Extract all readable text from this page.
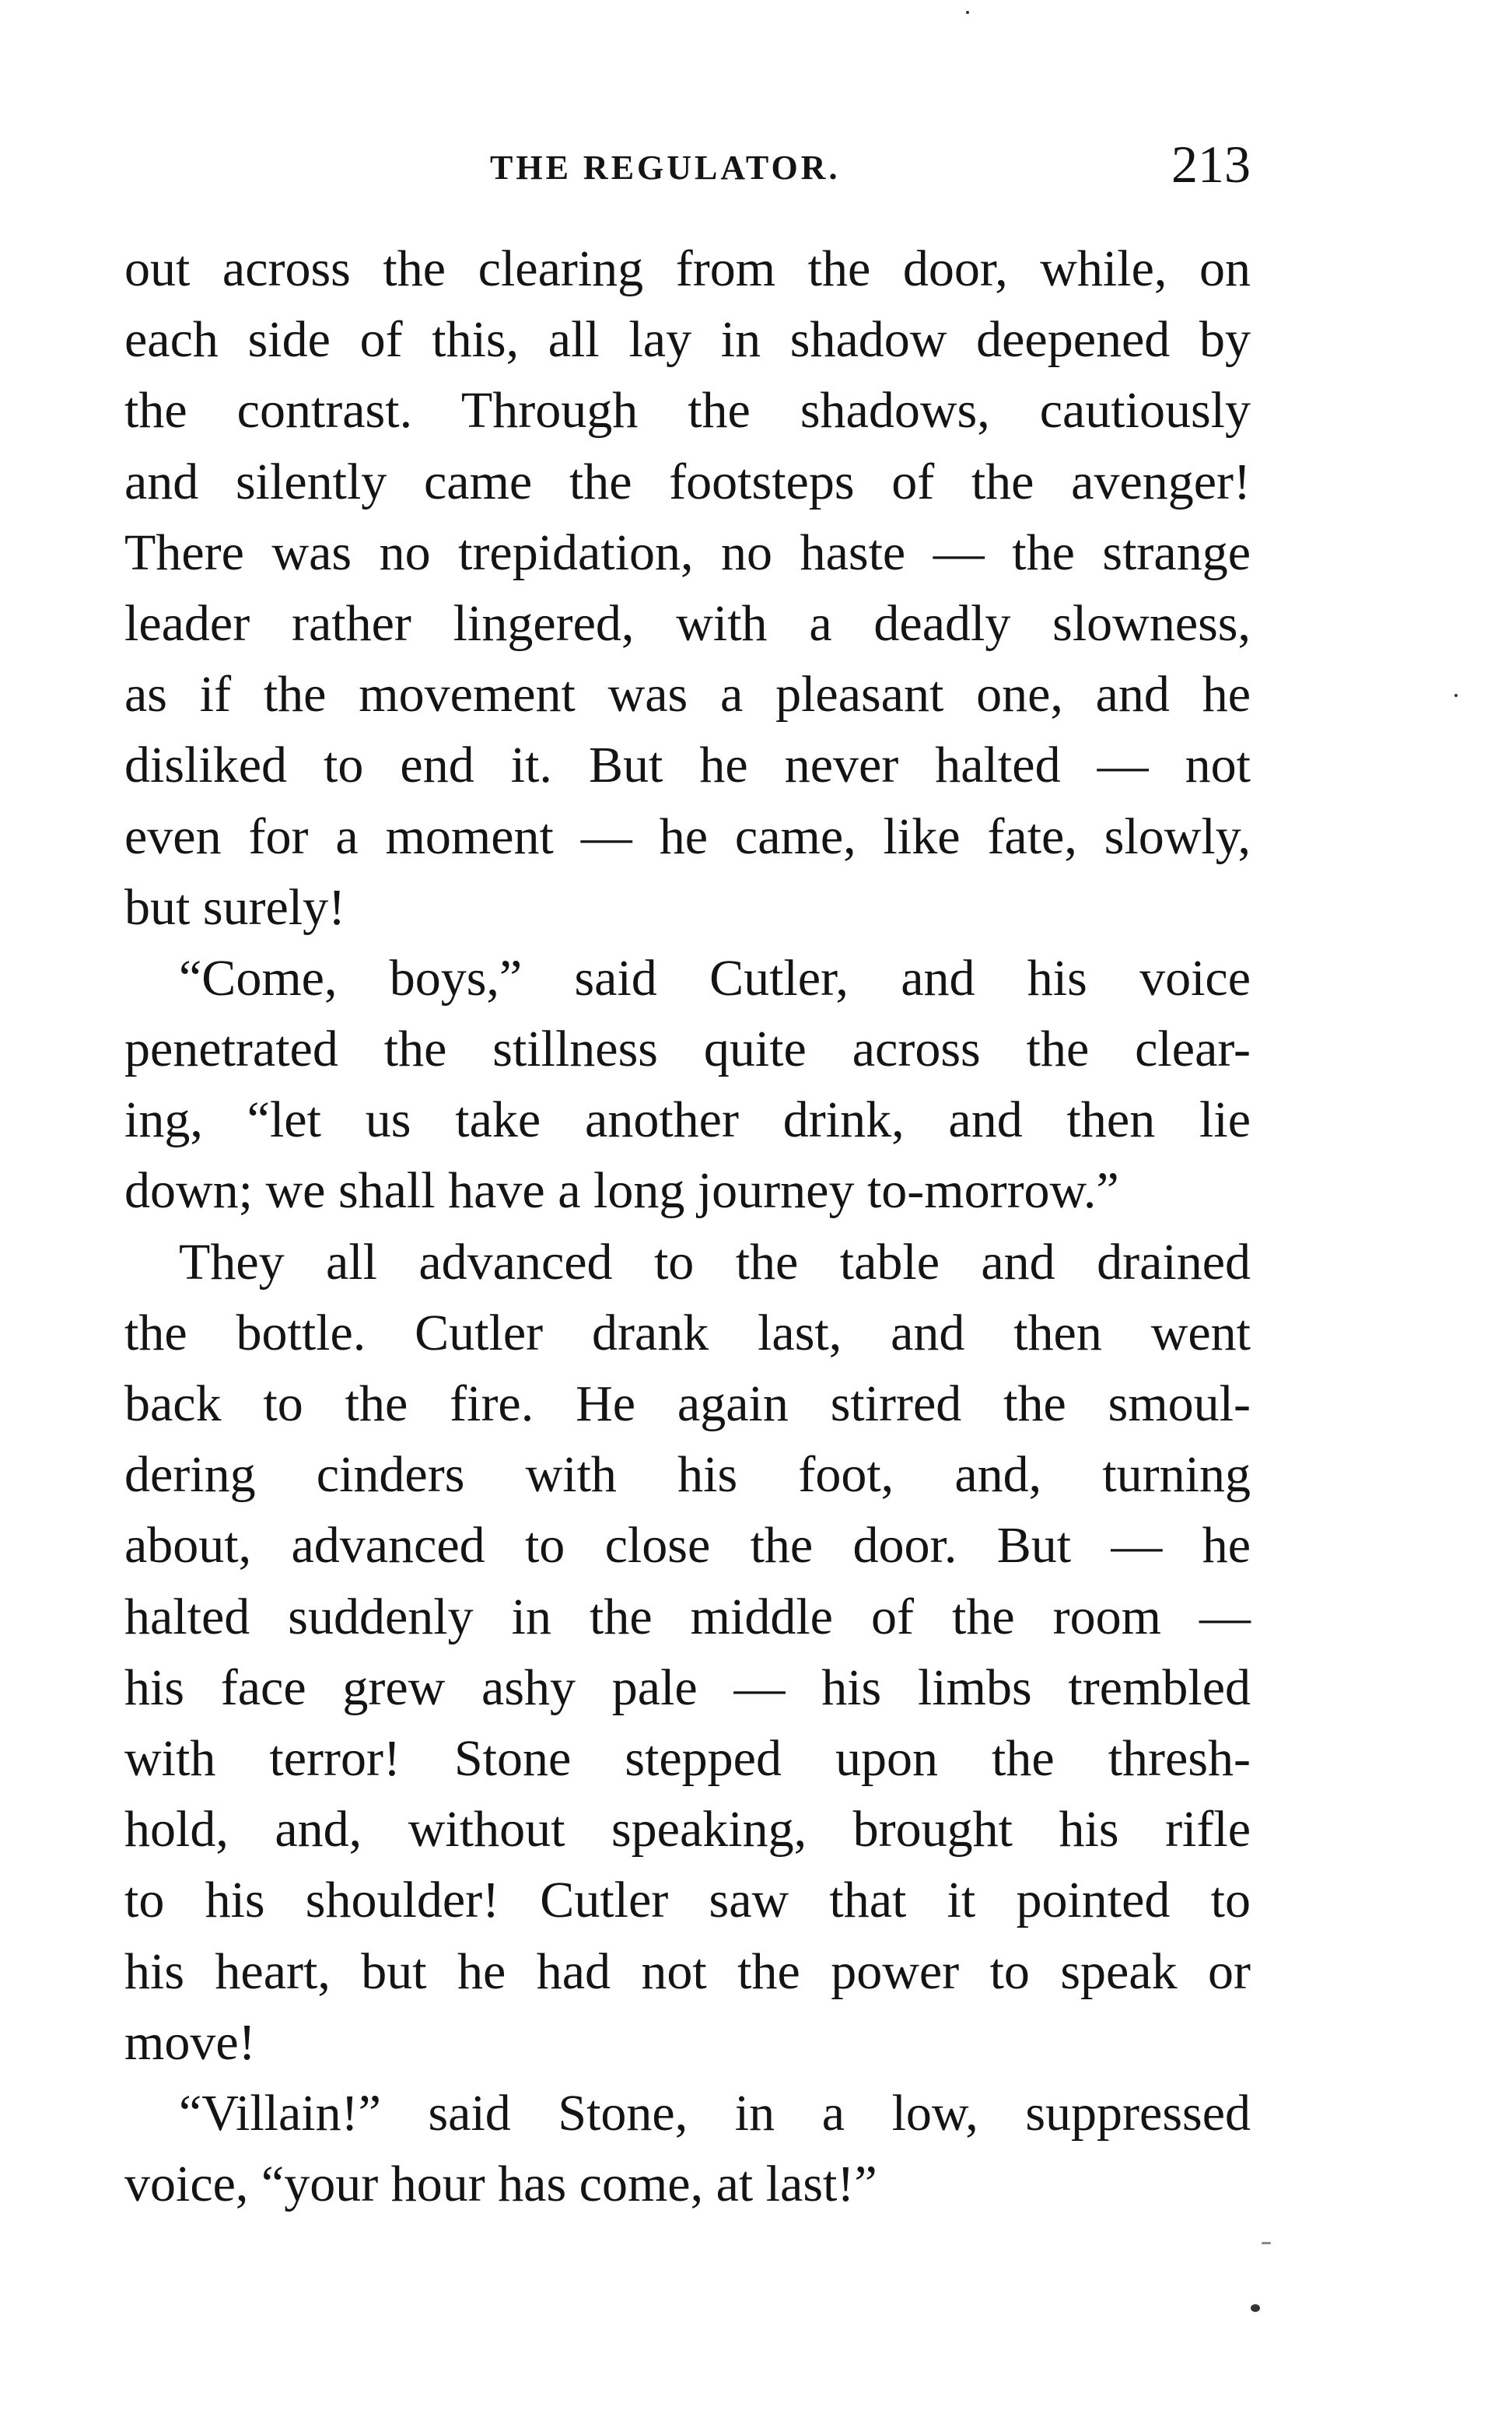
THE REGULATOR.	213
out across the clearing from the door, while, on
each side of this, all lay in shadow deepened by
the contrast. Through the shadows, cautiously
and silently came the footsteps of the avenger!
There was no trepidation, no haste — the strange
leader rather lingered, with a deadly slowness,
as if the movement was a pleasant one, and he
disliked to end it. But he never halted — not
even for a moment — he came, like fate, slowly,
but surely!
“Come, boys,” said Cutler, and his voice
penetrated the stillness quite across the clear-
ing, “let us take another drink, and then lie
down; we shall have a long journey to-morrow.”
They all advanced to the table and drained
the bottle. Cutler drank last, and then went
back to the fire. He again stirred the smoul-
dering cinders with his foot, and, turning
about, advanced to close the door. But — he
halted suddenly in the middle of the room —
his face grew ashy pale — his limbs trembled
with terror! Stone stepped upon the thresh-
hold, and, without speaking, brought his rifle
to his shoulder! Cutler saw that it pointed to
his heart, but he had not the power to speak or
move!
“Villain!” said Stone, in a low, suppressed
voice, “your hour has come, at last!”
